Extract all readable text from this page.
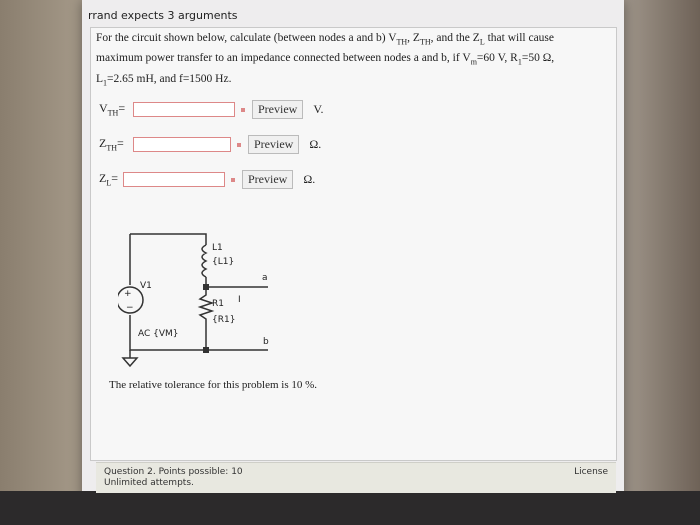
rrand expects 3 arguments
For the circuit shown below, calculate (between nodes a and b) $V_{TH}$, $Z_{TH}$, and the $Z_L$ that will cause
maximum power transfer to an impedance connected between nodes a and b, if $V_m=60$ V, $R_1=50$ Ω,
$L_1=2.65$ mH, and f=1500 Hz.
$V_{TH}=$	Preview	V.
$Z_{TH}=$	Preview	Ω.
$Z_L=$	Preview	Ω.
+
−
L1
{L1}
a
V1
R1
{R1}
I
AC {VM}
b
The relative tolerance for this problem is 10 %.
Question 2. Points possible: 10
Unlimited attempts.
License
